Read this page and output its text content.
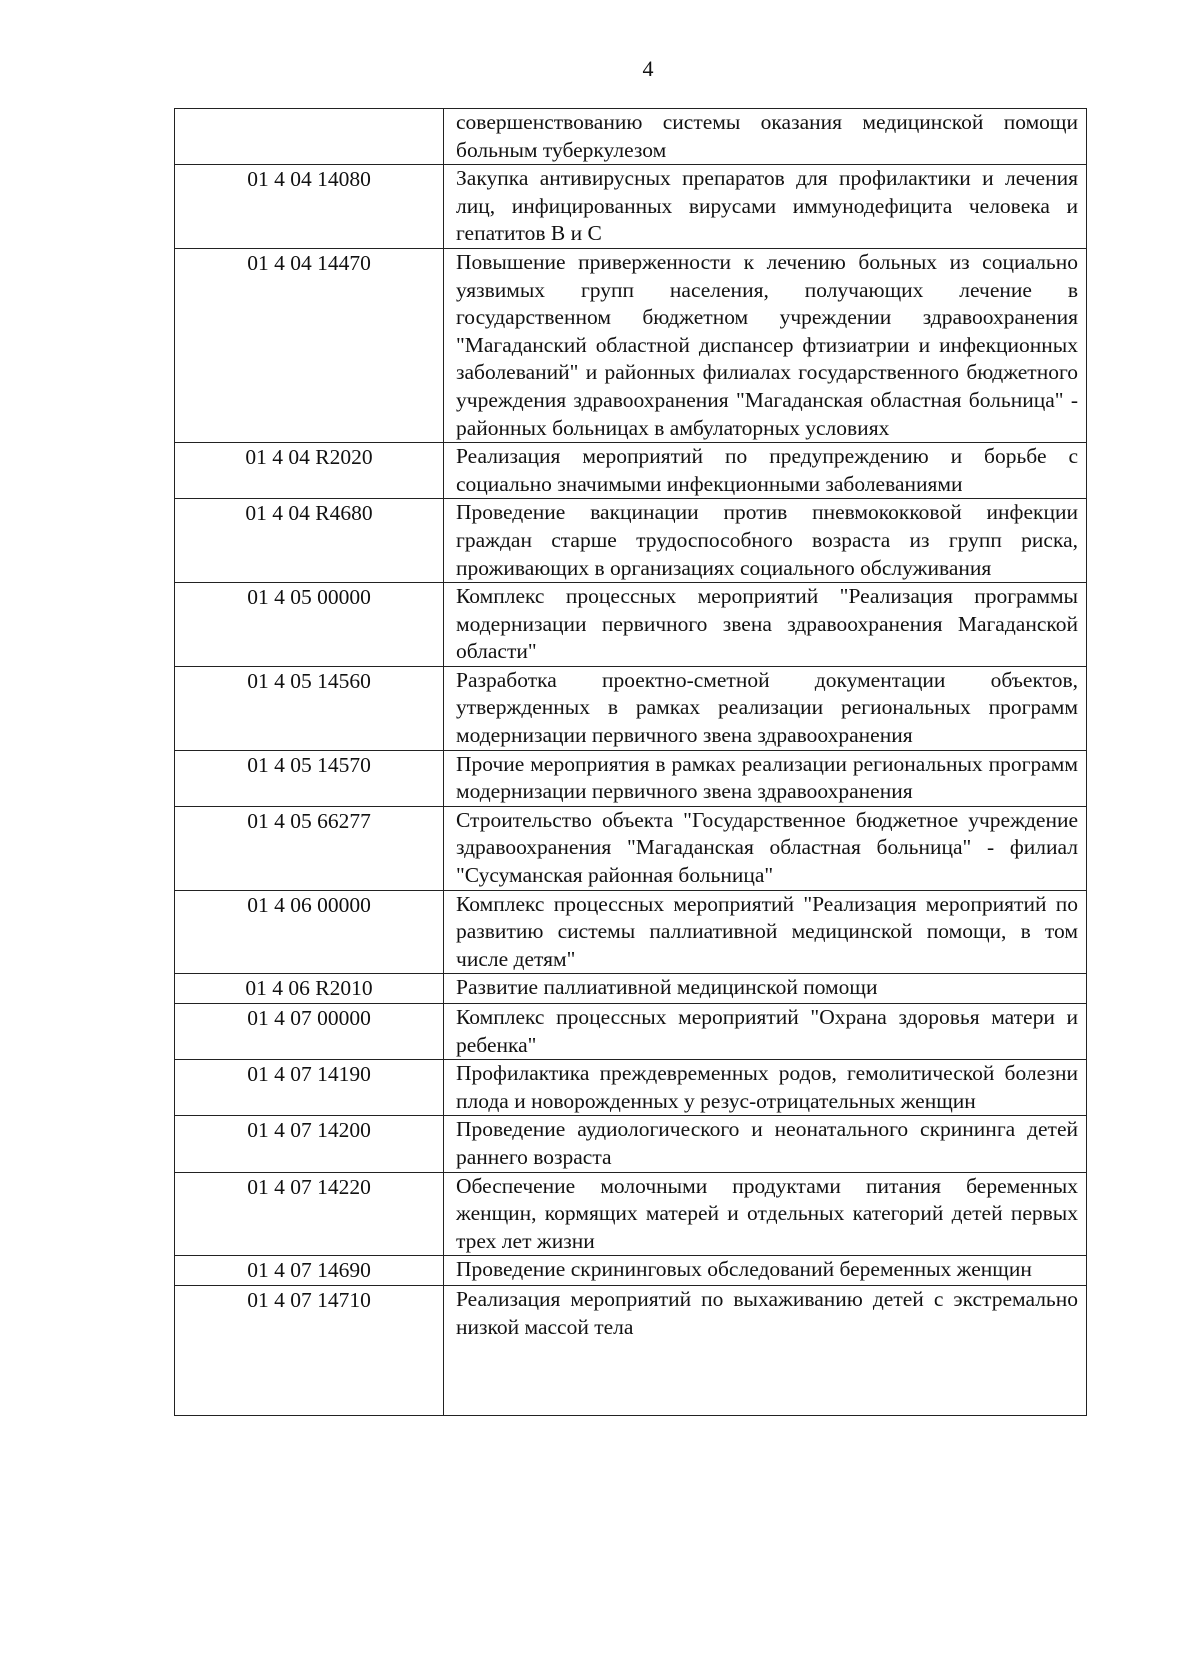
4
	совершенствованию системы оказания медицинской помощи больным туберкулезом
01 4 04 14080	Закупка антивирусных препаратов для профилактики и лечения лиц, инфицированных вирусами иммунодефицита человека и гепатитов В и С
01 4 04 14470	Повышение приверженности к лечению больных из социально уязвимых групп населения, получающих лечение в государственном бюджетном учреждении здравоохранения "Магаданский областной диспансер фтизиатрии и инфекционных заболеваний" и районных филиалах государственного бюджетного учреждения здравоохранения "Магаданская областная больница" - районных больницах в амбулаторных условиях
01 4 04 R2020	Реализация мероприятий по предупреждению и борьбе с социально значимыми инфекционными заболеваниями
01 4 04 R4680	Проведение вакцинации против пневмококковой инфекции граждан старше трудоспособного возраста из групп риска, проживающих в организациях социального обслуживания
01 4 05 00000	Комплекс процессных мероприятий "Реализация программы модернизации первичного звена здравоохранения Магаданской области"
01 4 05 14560	Разработка проектно-сметной документации объектов, утвержденных в рамках реализации региональных программ модернизации первичного звена здравоохранения
01 4 05 14570	Прочие мероприятия в рамках реализации региональных программ модернизации первичного звена здравоохранения
01 4 05 66277	Строительство объекта "Государственное бюджетное учреждение здравоохранения "Магаданская областная больница" - филиал "Сусуманская районная больница"
01 4 06 00000	Комплекс процессных мероприятий "Реализация мероприятий по развитию системы паллиативной медицинской помощи, в том числе детям"
01 4 06 R2010	Развитие паллиативной медицинской помощи
01 4 07 00000	Комплекс процессных мероприятий "Охрана здоровья матери и ребенка"
01 4 07 14190	Профилактика преждевременных родов, гемолитической болезни плода и новорожденных у резус-отрицательных женщин
01 4 07 14200	Проведение аудиологического и неонатального скрининга детей раннего возраста
01 4 07 14220	Обеспечение молочными продуктами питания беременных женщин, кормящих матерей и отдельных категорий детей первых трех лет жизни
01 4 07 14690	Проведение скрининговых обследований беременных женщин
01 4 07 14710	Реализация мероприятий по выхаживанию детей с экстремально низкой массой тела
